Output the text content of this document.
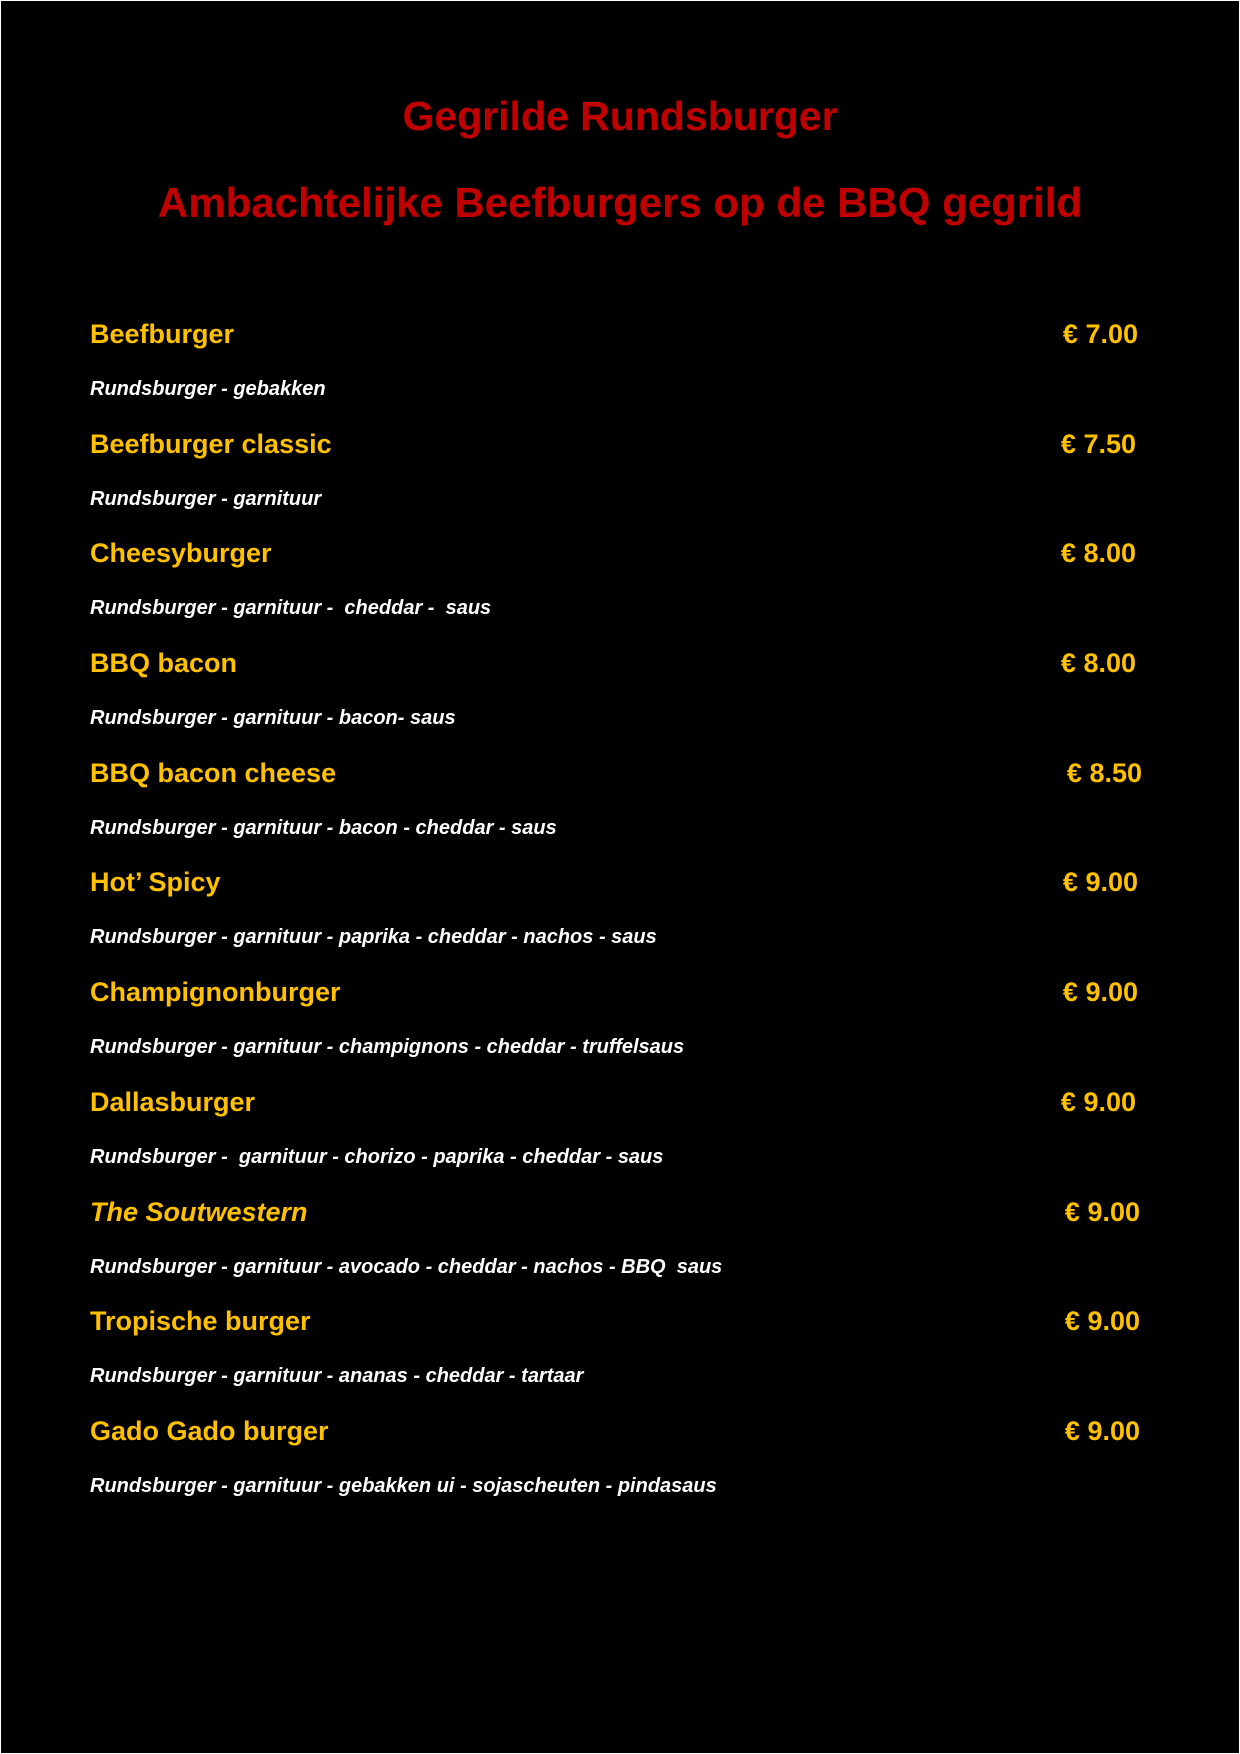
Gegrilde Rundsburger
Ambachtelijke Beefburgers op de BBQ gegrild
Beefburger	€ 7.00
Rundsburger - gebakken
Beefburger classic	€ 7.50
Rundsburger - garnituur
Cheesyburger	€ 8.00
Rundsburger - garnituur -  cheddar -  saus
BBQ bacon	€ 8.00
Rundsburger - garnituur - bacon- saus
BBQ bacon cheese	€ 8.50
Rundsburger - garnituur - bacon - cheddar - saus
Hot’ Spicy	€ 9.00
Rundsburger - garnituur - paprika - cheddar - nachos - saus
Champignonburger	€ 9.00
Rundsburger - garnituur - champignons - cheddar - truffelsaus
Dallasburger	€ 9.00
Rundsburger -  garnituur - chorizo - paprika - cheddar - saus
The Soutwestern	€ 9.00
Rundsburger - garnituur - avocado - cheddar - nachos - BBQ  saus
Tropische burger	€ 9.00
Rundsburger - garnituur - ananas - cheddar - tartaar
Gado Gado burger	€ 9.00
Rundsburger - garnituur - gebakken ui - sojascheuten - pindasaus
